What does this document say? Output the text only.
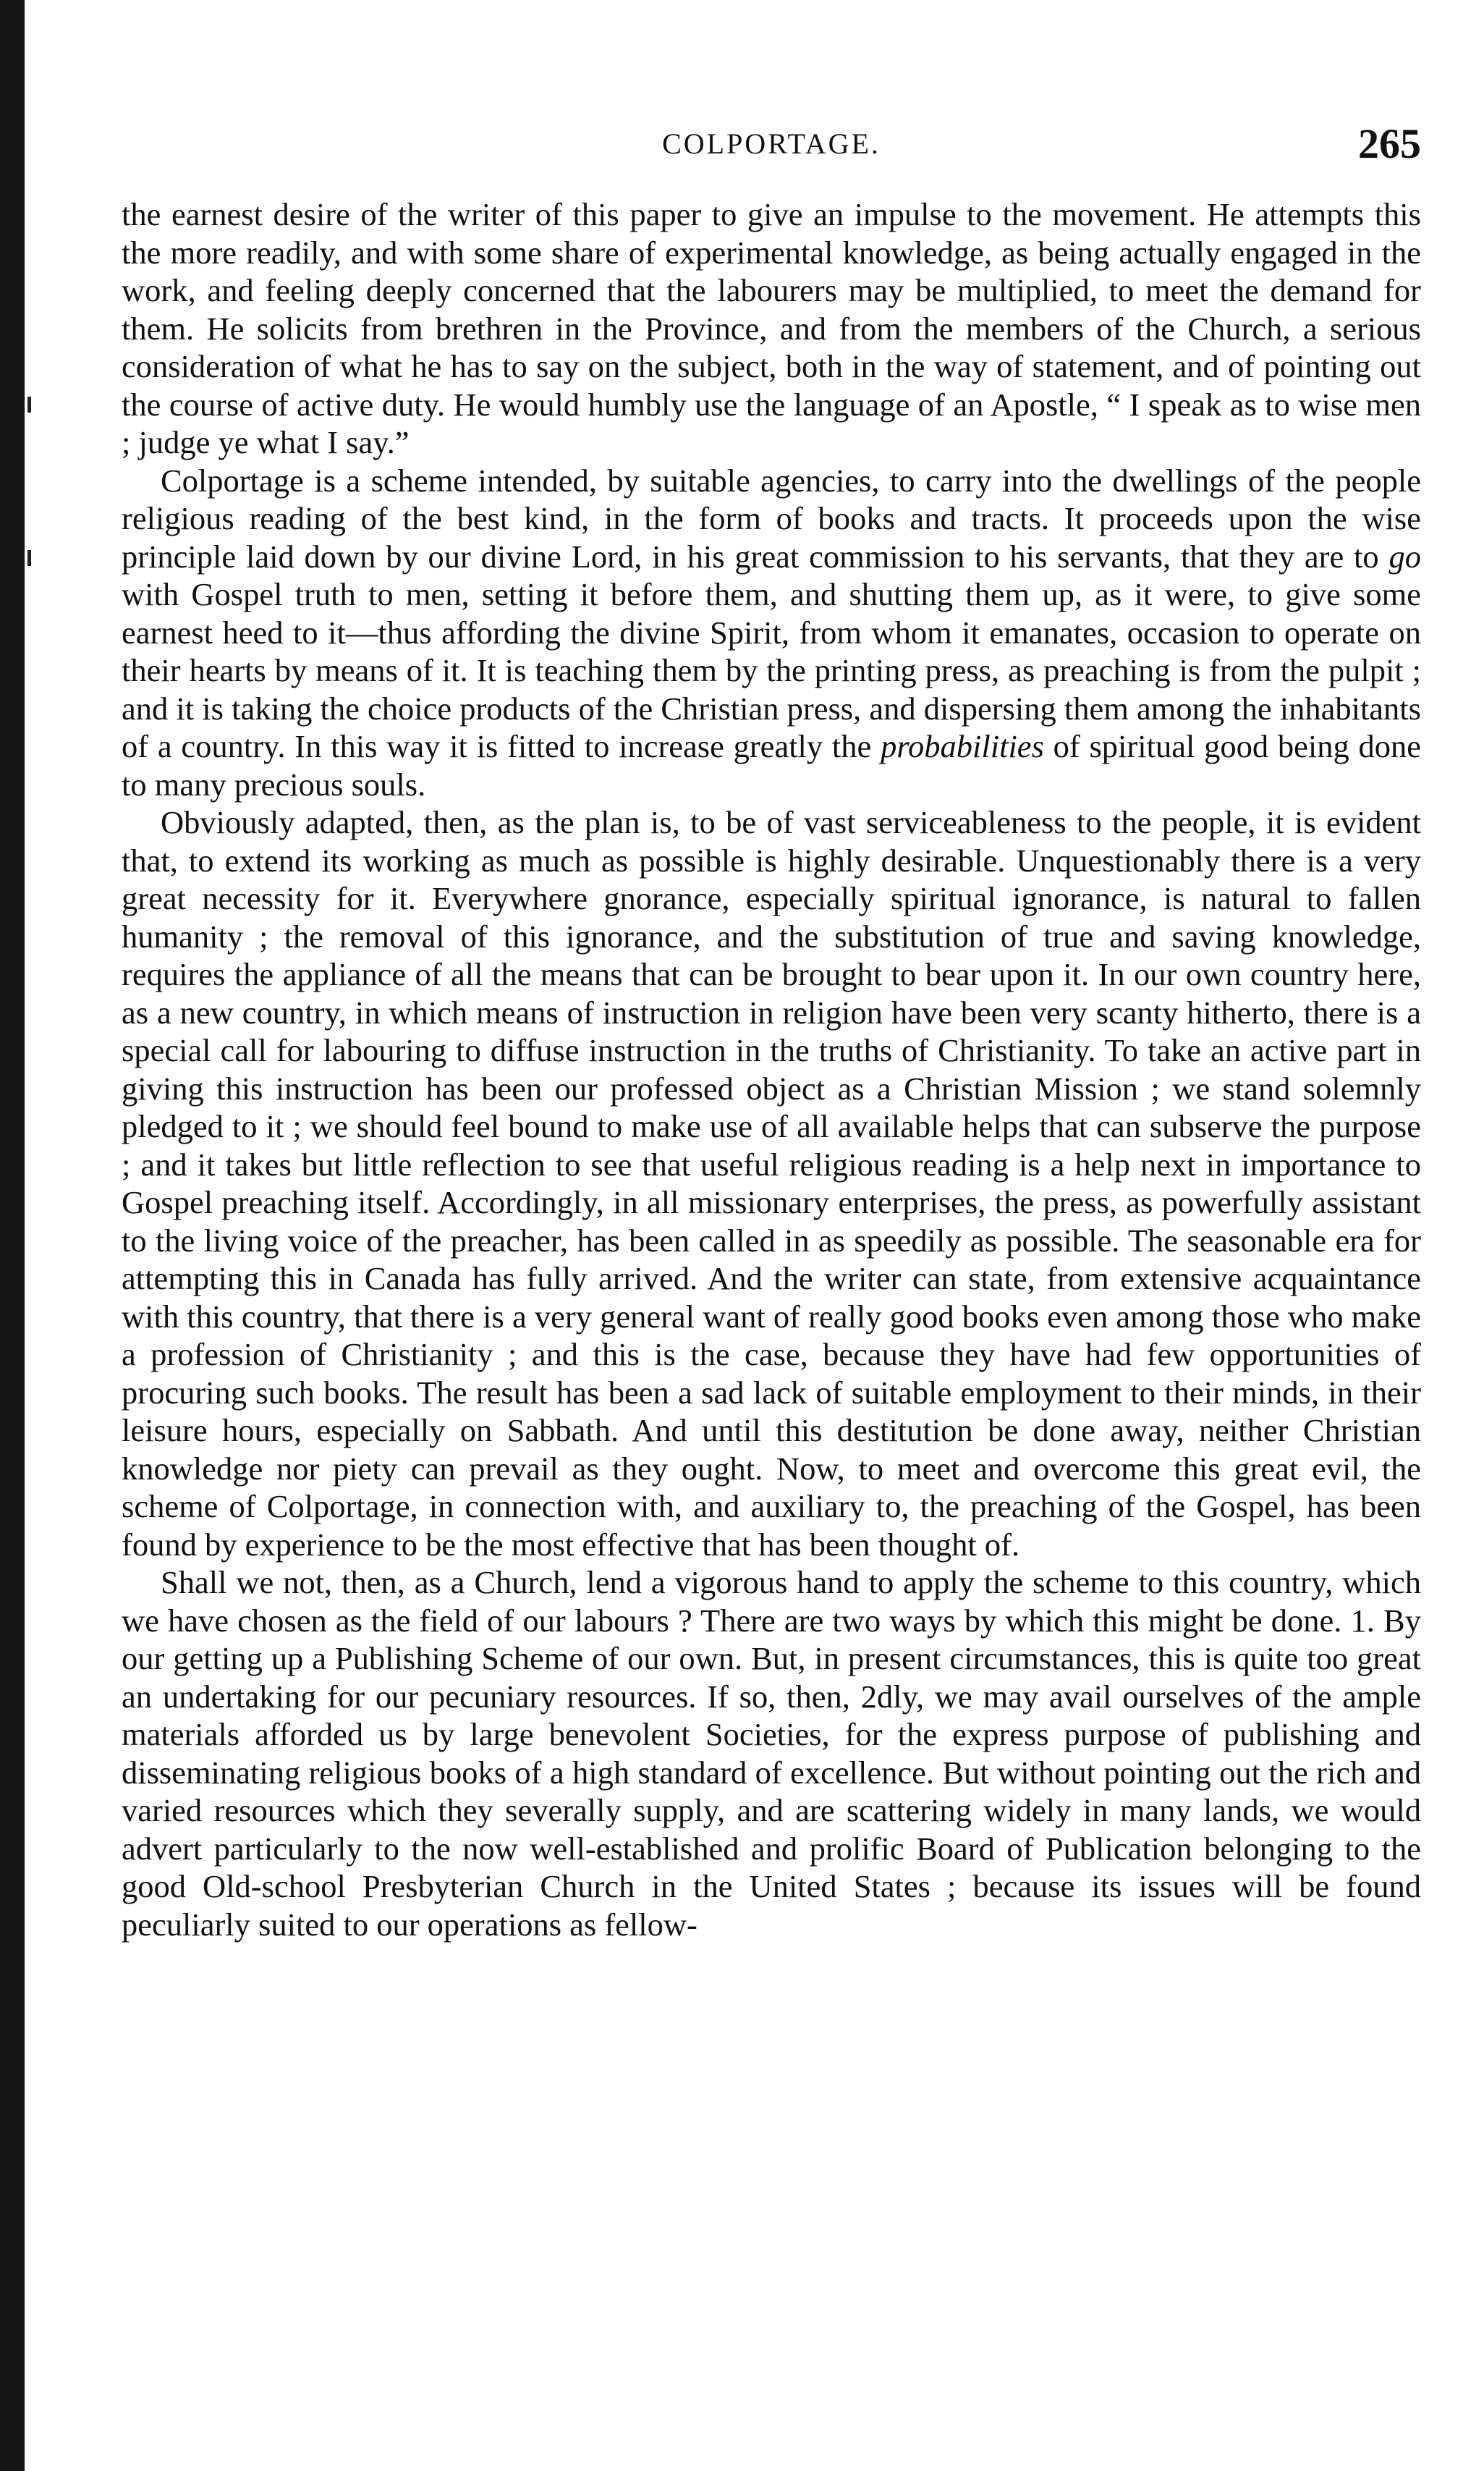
COLPORTAGE.	265

the earnest desire of the writer of this paper to give an impulse to the movement. He attempts this the more readily, and with some share of experimental knowledge, as being actually engaged in the work, and feeling deeply concerned that the labourers may be multiplied, to meet the demand for them. He solicits from brethren in the Province, and from the members of the Church, a serious consideration of what he has to say on the subject, both in the way of statement, and of pointing out the course of active duty. He would humbly use the language of an Apostle, “ I speak as to wise men ; judge ye what I say.”

Colportage is a scheme intended, by suitable agencies, to carry into the dwellings of the people religious reading of the best kind, in the form of books and tracts. It proceeds upon the wise principle laid down by our divine Lord, in his great commission to his servants, that they are to go with Gospel truth to men, setting it before them, and shutting them up, as it were, to give some earnest heed to it—thus affording the divine Spirit, from whom it emanates, occasion to operate on their hearts by means of it. It is teaching them by the printing press, as preaching is from the pulpit ; and it is taking the choice products of the Christian press, and dispersing them among the inhabitants of a country. In this way it is fitted to increase greatly the probabilities of spiritual good being done to many precious souls.

Obviously adapted, then, as the plan is, to be of vast serviceableness to the people, it is evident that, to extend its working as much as possible is highly desirable. Unquestionably there is a very great necessity for it. Everywhere gnorance, especially spiritual ignorance, is natural to fallen humanity ; the removal of this ignorance, and the substitution of true and saving knowledge, requires the appliance of all the means that can be brought to bear upon it. In our own country here, as a new country, in which means of instruction in religion have been very scanty hitherto, there is a special call for labouring to diffuse instruction in the truths of Christianity. To take an active part in giving this instruction has been our professed object as a Christian Mission ; we stand solemnly pledged to it ; we should feel bound to make use of all available helps that can subserve the purpose ; and it takes but little reflection to see that useful religious reading is a help next in importance to Gospel preaching itself. Accordingly, in all missionary enterprises, the press, as powerfully assistant to the living voice of the preacher, has been called in as speedily as possible. The seasonable era for attempting this in Canada has fully arrived. And the writer can state, from extensive acquaintance with this country, that there is a very general want of really good books even among those who make a profession of Christianity ; and this is the case, because they have had few opportunities of procuring such books. The result has been a sad lack of suitable employment to their minds, in their leisure hours, especially on Sabbath. And until this destitution be done away, neither Christian knowledge nor piety can prevail as they ought. Now, to meet and overcome this great evil, the scheme of Colportage, in connection with, and auxiliary to, the preaching of the Gospel, has been found by experience to be the most effective that has been thought of.

Shall we not, then, as a Church, lend a vigorous hand to apply the scheme to this country, which we have chosen as the field of our labours ? There are two ways by which this might be done. 1. By our getting up a Publishing Scheme of our own. But, in present circumstances, this is quite too great an undertaking for our pecuniary resources. If so, then, 2dly, we may avail ourselves of the ample materials afforded us by large benevolent Societies, for the express purpose of publishing and disseminating religious books of a high standard of excellence. But without pointing out the rich and varied resources which they severally supply, and are scattering widely in many lands, we would advert particularly to the now well-established and prolific Board of Publication belonging to the good Old-school Presbyterian Church in the United States ; because its issues will be found peculiarly suited to our operations as fellow-
